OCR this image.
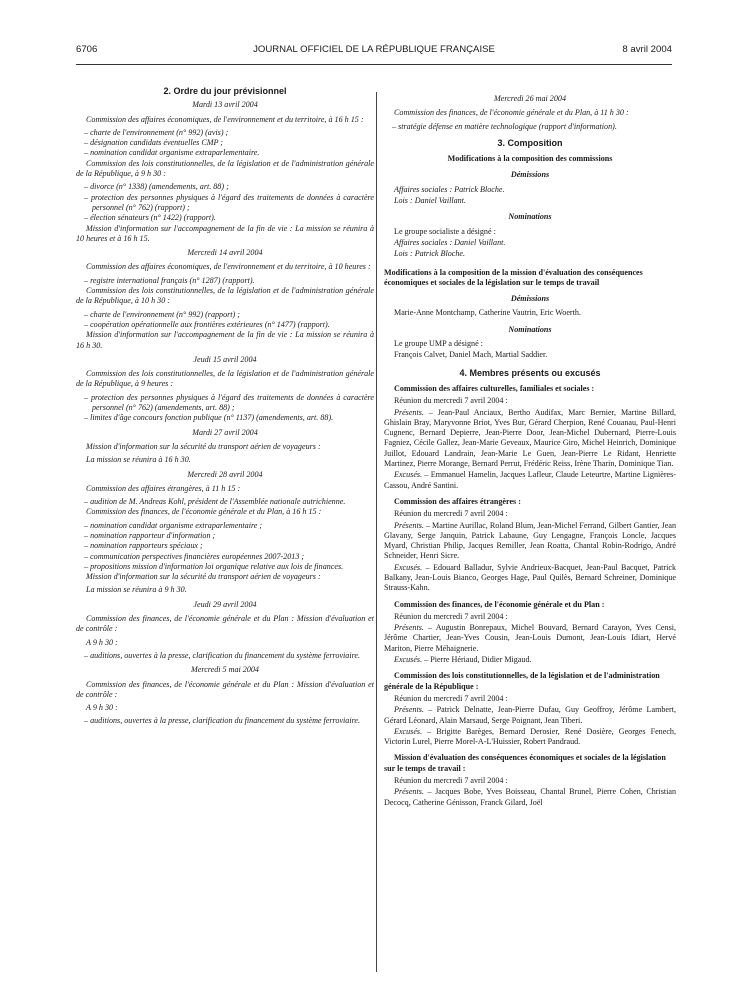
6706	JOURNAL OFFICIEL DE LA RÉPUBLIQUE FRANÇAISE	8 avril 2004
2. Ordre du jour prévisionnel
Mardi 13 avril 2004

Commission des affaires économiques, de l'environnement et du territoire, à 16 h 15 :

– charte de l'environnement (n° 992) (avis) ;

– désignation candidats éventuelles CMP ;

– nomination candidat organisme extraparlementaire.

Commission des lois constitutionnelles, de la législation et de l'administration générale de la République, à 9 h 30 :

– divorce (n° 1338) (amendements, art. 88) ;

– protection des personnes physiques à l'égard des traitements de données à caractère personnel (n° 762) (rapport) ;

– élection sénateurs (n° 1422) (rapport).

Mission d'information sur l'accompagnement de la fin de vie : La mission se réunira à 10 heures et à 16 h 15.

Mercredi 14 avril 2004

Commission des affaires économiques, de l'environnement et du territoire, à 10 heures :

– registre international français (n° 1287) (rapport).

Commission des lois constitutionnelles, de la législation et de l'administration générale de la République, à 10 h 30 :

– charte de l'environnement (n° 992) (rapport) ;

– coopération opérationnelle aux frontières extérieures (n° 1477) (rapport).

Mission d'information sur l'accompagnement de la fin de vie : La mission se réunira à 16 h 30.

Jeudi 15 avril 2004

Commission des lois constitutionnelles, de la législation et de l'administration générale de la République, à 9 heures :

– protection des personnes physiques à l'égard des traitements de données à caractère personnel (n° 762) (amendements, art. 88) ;

– limites d'âge concours fonction publique (n° 1137) (amendements, art. 88).

Mardi 27 avril 2004

Mission d'information sur la sécurité du transport aérien de voyageurs :

La mission se réunira à 16 h 30.

Mercredi 28 avril 2004

Commission des affaires étrangères, à 11 h 15 :

– audition de M. Andreas Kohl, président de l'Assemblée nationale autrichienne.

Commission des finances, de l'économie générale et du Plan, à 16 h 15 :

– nomination candidat organisme extraparlementaire ;

– nomination rapporteur d'information ;

– nomination rapporteurs spéciaux ;

– communication perspectives financières européennes 2007-2013 ;

– propositions mission d'information loi organique relative aux lois de finances.

Mission d'information sur la sécurité du transport aérien de voyageurs :

La mission se réunira à 9 h 30.

Jeudi 29 avril 2004

Commission des finances, de l'économie générale et du Plan : Mission d'évaluation et de contrôle :

A 9 h 30 :

– auditions, ouvertes à la presse, clarification du financement du système ferroviaire.

Mercredi 5 mai 2004

Commission des finances, de l'économie générale et du Plan : Mission d'évaluation et de contrôle :

A 9 h 30 :

– auditions, ouvertes à la presse, clarification du financement du système ferroviaire.

Mercredi 26 mai 2004

Commission des finances, de l'économie générale et du Plan, à 11 h 30 :

– stratégie défense en matière technologique (rapport d'information).

3. Composition
Modifications à la composition des commissions
Démissions

Affaires sociales : Patrick Bloche.

Lois : Daniel Vaillant.

Nominations

Le groupe socialiste a désigné :

Affaires sociales : Daniel Vaillant.

Lois : Patrick Bloche.

Modifications à la composition de la mission d'évaluation des conséquences économiques et sociales de la législation sur le temps de travail
Démissions

Marie-Anne Montchamp, Catherine Vautrin, Eric Woerth.

Nominations

Le groupe UMP a désigné :

François Calvet, Daniel Mach, Martial Saddier.

4. Membres présents ou excusés
Commission des affaires culturelles, familiales et sociales :

Réunion du mercredi 7 avril 2004 :

Présents. – Jean-Paul Anciaux, Bertho Audifax, Marc Bernier, Martine Billard, Ghislain Bray, Maryvonne Briot, Yves Bur, Gérard Cherpion, René Couanau, Paul-Henri Cugnenc, Bernard Depierre, Jean-Pierre Door, Jean-Michel Dubernard, Pierre-Louis Fagniez, Cécile Gallez, Jean-Marie Geveaux, Maurice Giro, Michel Heinrich, Dominique Juillot, Edouard Landrain, Jean-Marie Le Guen, Jean-Pierre Le Ridant, Henriette Martinez, Pierre Morange, Bernard Perrut, Frédéric Reiss, Irène Tharin, Dominique Tian.

Excusés. – Emmanuel Hamelin, Jacques Lafleur, Claude Leteurtre, Martine Lignières-Cassou, André Santini.

Commission des affaires étrangères :

Réunion du mercredi 7 avril 2004 :

Présents. – Martine Aurillac, Roland Blum, Jean-Michel Ferrand, Gilbert Gantier, Jean Glavany, Serge Janquin, Patrick Labaune, Guy Lengagne, François Loncle, Jacques Myard, Christian Philip, Jacques Remiller, Jean Roatta, Chantal Robin-Rodrigo, André Schneider, Henri Sicre.

Excusés. – Edouard Balladur, Sylvie Andrieux-Bacquet, Jean-Paul Bacquet, Patrick Balkany, Jean-Louis Bianco, Georges Hage, Paul Quilès, Bernard Schreiner, Dominique Strauss-Kahn.

Commission des finances, de l'économie générale et du Plan :

Réunion du mercredi 7 avril 2004 :

Présents. – Augustin Bonrepaux, Michel Bouvard, Bernard Carayon, Yves Censi, Jérôme Chartier, Jean-Yves Cousin, Jean-Louis Dumont, Jean-Louis Idiart, Hervé Mariton, Pierre Méhaignerie.

Excusés. – Pierre Hériaud, Didier Migaud.

Commission des lois constitutionnelles, de la législation et de l'administration générale de la République :

Réunion du mercredi 7 avril 2004 :

Présents. – Patrick Delnatte, Jean-Pierre Dufau, Guy Geoffroy, Jérôme Lambert, Gérard Léonard, Alain Marsaud, Serge Poignant, Jean Tiberi.

Excusés. – Brigitte Barèges, Bernard Derosier, René Dosière, Georges Fenech, Victorin Lurel, Pierre Morel-A-L'Huissier, Robert Pandraud.

Mission d'évaluation des conséquences économiques et sociales de la législation sur le temps de travail :

Réunion du mercredi 7 avril 2004 :

Présents. – Jacques Bobe, Yves Boisseau, Chantal Brunel, Pierre Cohen, Christian Decocq, Catherine Génisson, Franck Gilard, Joël
